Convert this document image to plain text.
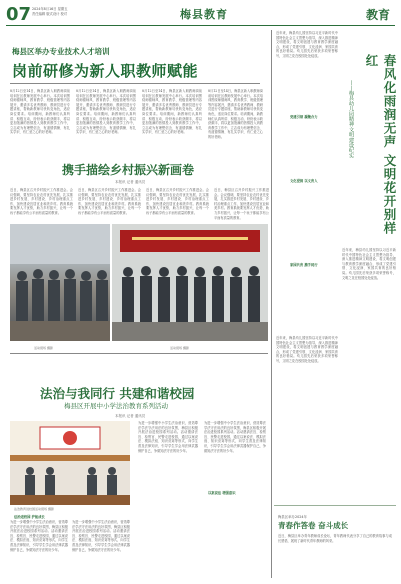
07 2024年8月16日 星期五
责任编辑 版式设计 校对	梅县教育	教育
梅县区举办专业技术人才培训
岗前研修为新人职教师赋能
8月12日至14日，梅县区新入职教师岗前培训在区教师发展中心举行。本次培训围绕师德师风、教育教学、班级管理等内容展开，邀请多名优秀教师、教研员进行专题讲座，帮助新教师尽快转变角色，适应岗位要求。培训期间，新教师们认真听讲、积极互动，纷纷表示收获颇丰，将以更加饱满的热情投入到教育教学工作中，立志成为有理想信念、有道德情操、有扎实学识、有仁爱之心的好老师。
8月12日至14日，梅县区新入职教师岗前培训在区教师发展中心举行。本次培训围绕师德师风、教育教学、班级管理等内容展开，邀请多名优秀教师、教研员进行专题讲座，帮助新教师尽快转变角色，适应岗位要求。培训期间，新教师们认真听讲、积极互动，纷纷表示收获颇丰，将以更加饱满的热情投入到教育教学工作中，立志成为有理想信念、有道德情操、有扎实学识、有仁爱之心的好老师。
8月12日至14日，梅县区新入职教师岗前培训在区教师发展中心举行。本次培训围绕师德师风、教育教学、班级管理等内容展开，邀请多名优秀教师、教研员进行专题讲座，帮助新教师尽快转变角色，适应岗位要求。培训期间，新教师们认真听讲、积极互动，纷纷表示收获颇丰，将以更加饱满的热情投入到教育教学工作中，立志成为有理想信念、有道德情操、有扎实学识、有仁爱之心的好老师。
8月12日至14日，梅县区新入职教师岗前培训在区教师发展中心举行。本次培训围绕师德师风、教育教学、班级管理等内容展开，邀请多名优秀教师、教研员进行专题讲座，帮助新教师尽快转变角色，适应岗位要求。培训期间，新教师们认真听讲、积极互动，纷纷表示收获颇丰，将以更加饱满的热情投入到教育教学工作中，立志成为有理想信念、有道德情操、有扎实学识、有仁爱之心的好老师。
携手描绘乡村振兴新画卷
本报讯 记者 通讯员
近日，梅县区召开乡村振兴工作推进会。会议强调，要坚持农业农村优先发展，扎实推进乡村发展、乡村建设、乡村治理重点工作，加快建设宜居宜业和美乡村。教育系统要发挥人才优势，助力乡村振兴，让每一个孩子都能享有公平而有质量的教育。
近日，梅县区召开乡村振兴工作推进会。会议强调，要坚持农业农村优先发展，扎实推进乡村发展、乡村建设、乡村治理重点工作，加快建设宜居宜业和美乡村。教育系统要发挥人才优势，助力乡村振兴，让每一个孩子都能享有公平而有质量的教育。
近日，梅县区召开乡村振兴工作推进会。会议强调，要坚持农业农村优先发展，扎实推进乡村发展、乡村建设、乡村治理重点工作，加快建设宜居宜业和美乡村。教育系统要发挥人才优势，助力乡村振兴，让每一个孩子都能享有公平而有质量的教育。
近日，梅县区召开乡村振兴工作推进会。会议强调，要坚持农业农村优先发展，扎实推进乡村发展、乡村建设、乡村治理重点工作，加快建设宜居宜业和美乡村。教育系统要发挥人才优势，助力乡村振兴，让每一个孩子都能享有公平而有质量的教育。
活动现场 摄影	活动现场 摄影
法治与我同行 共建和谐校园
梅县区开展中小学法治教育系列活动
本报讯 记者 通讯员
法治教育进校园活动现场 摄影
法治进校园 护航成长
为进一步增强中小学生法治意识，营造尊法学法守法用法的良好氛围，梅县区积极开展法治进校园系列活动。活动邀请法官、检察官、民警走进校园，通过以案说法、模拟法庭、知识竞赛等形式，向学生普及法律知识，引导学生学会用法律武器保护自己，争做知法守法的好少年。
为进一步增强中小学生法治意识，营造尊法学法守法用法的良好氛围，梅县区积极开展法治进校园系列活动。活动邀请法官、检察官、民警走进校园，通过以案说法、模拟法庭、知识竞赛等形式，向学生普及法律知识，引导学生学会用法律武器保护自己，争做知法守法的好少年。
为进一步增强中小学生法治意识，营造尊法学法守法用法的良好氛围，梅县区积极开展法治进校园系列活动。活动邀请法官、检察官、民警走进校园，通过以案说法、模拟法庭、知识竞赛等形式，向学生普及法律知识，引导学生学会用法律武器保护自己，争做知法守法的好少年。
以案说法 增强意识
为进一步增强中小学生法治意识，营造尊法学法守法用法的良好氛围，梅县区积极开展法治进校园系列活动。活动邀请法官、检察官、民警走进校园，通过以案说法、模拟法庭、知识竞赛等形式，向学生普及法律知识，引导学生学会用法律武器保护自己，争做知法守法的好少年。
近年来，梅县幼儿园坚持以习近平新时代中国特色社会主义思想为指导，深入推进精神文明建设，将文明创建与教育教学深度融合，形成了党建引领、文化浸润、家园共育的良好格局。幼儿园先后荣获多项荣誉称号，文明之花在校园处处绽放。
党建引领 凝聚合力
文化浸润 以文育人
家园共育 携手同行
春风化雨润无声 文明花开别样红
——梅县幼儿园精神文明建设纪实
近年来，梅县幼儿园坚持以习近平新时代中国特色社会主义思想为指导，深入推进精神文明建设，将文明创建与教育教学深度融合，形成了党建引领、文化浸润、家园共育的良好格局。幼儿园先后荣获多项荣誉称号，文明之花在校园处处绽放。
近年来，梅县幼儿园坚持以习近平新时代中国特色社会主义思想为指导，深入推进精神文明建设，将文明创建与教育教学深度融合，形成了党建引领、文化浸润、家园共育的良好格局。幼儿园先后荣获多项荣誉称号，文明之花在校园处处绽放。
梅县区举办2024年
青春作答卷 奋斗成长
近日，梅县区举办青年教师成长论坛，青年教师代表分享了自己的教育故事与成长感悟，展现了新时代青年教师的风采。
